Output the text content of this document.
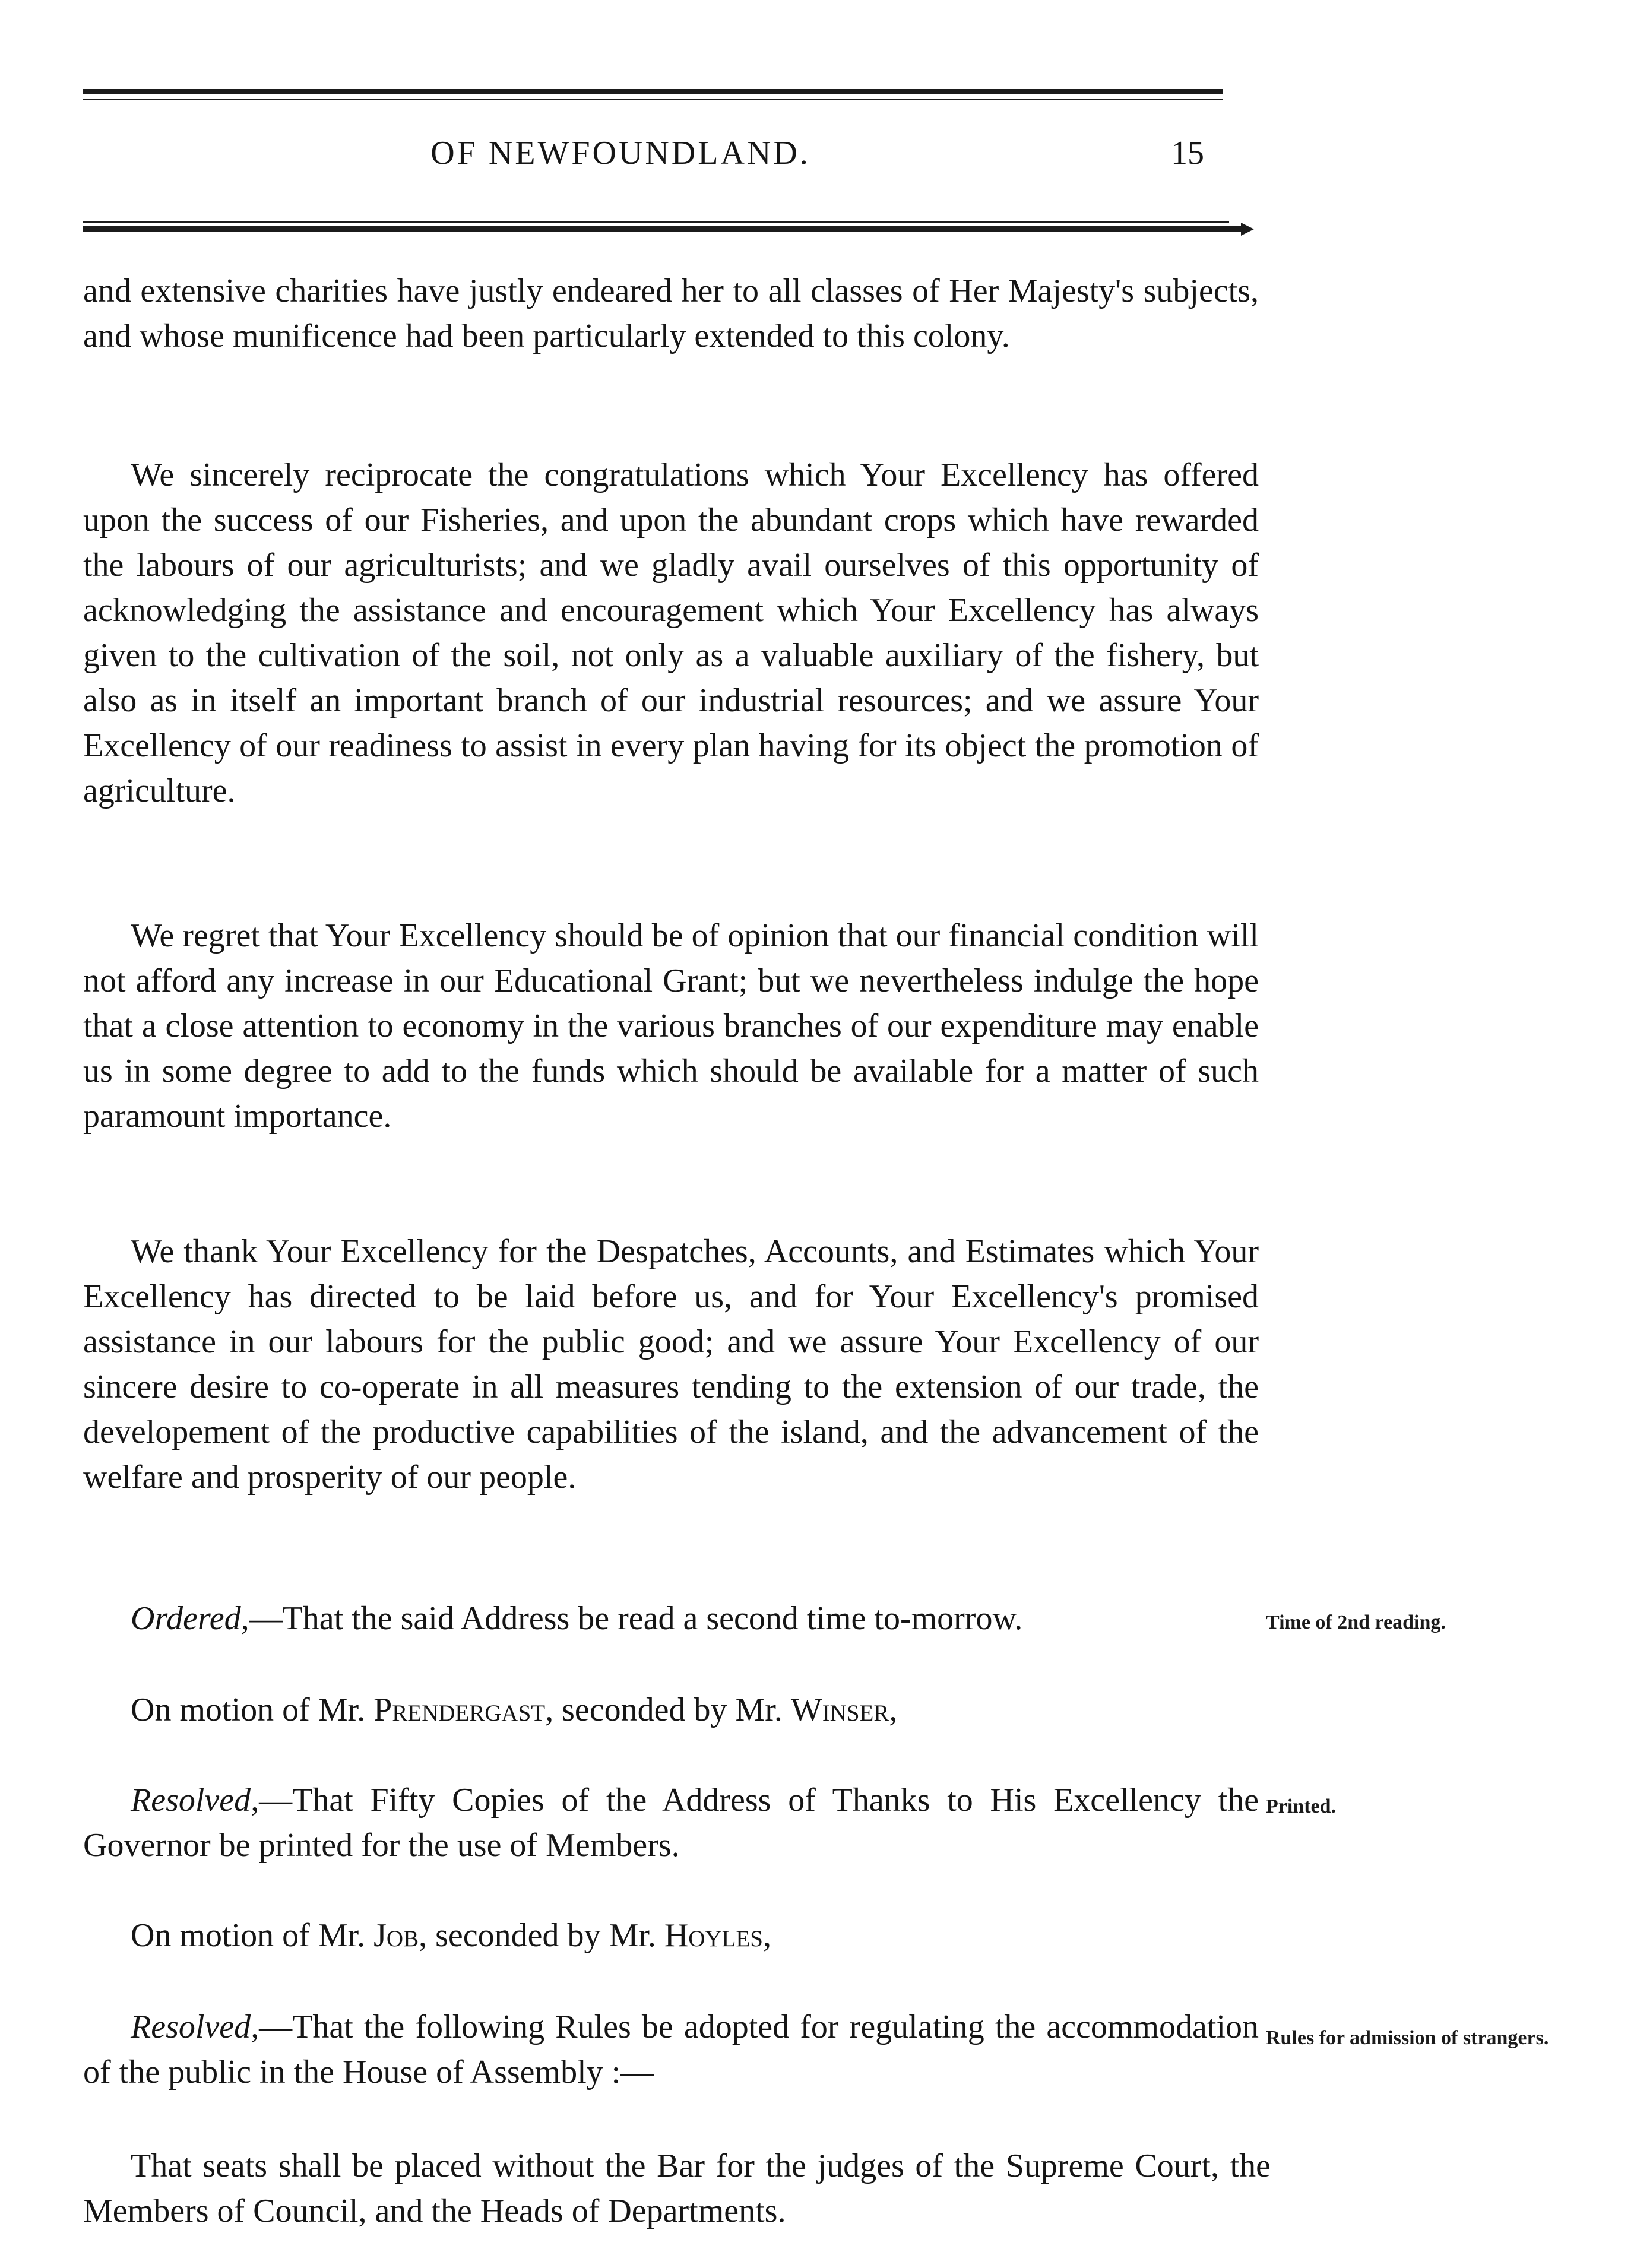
OF NEWFOUNDLAND.	15

and extensive charities have justly endeared her to all classes of Her Majesty's subjects, and whose munificence had been particularly extended to this colony.

We sincerely reciprocate the congratulations which Your Excellency has offered upon the success of our Fisheries, and upon the abundant crops which have rewarded the labours of our agriculturists; and we gladly avail ourselves of this opportunity of acknowledging the assistance and encouragement which Your Excellency has always given to the cultivation of the soil, not only as a valuable auxiliary of the fishery, but also as in itself an important branch of our industrial resources; and we assure Your Excellency of our readiness to assist in every plan having for its object the promotion of agriculture.

We regret that Your Excellency should be of opinion that our financial condition will not afford any increase in our Educational Grant; but we nevertheless indulge the hope that a close attention to economy in the various branches of our expenditure may enable us in some degree to add to the funds which should be available for a matter of such paramount importance.

We thank Your Excellency for the Despatches, Accounts, and Estimates which Your Excellency has directed to be laid before us, and for Your Excellency's promised assistance in our labours for the public good; and we assure Your Excellency of our sincere desire to co-operate in all measures tending to the extension of our trade, the developement of the productive capabilities of the island, and the advancement of the welfare and prosperity of our people.

Ordered,—That the said Address be read a second time to-morrow.

On motion of Mr. Prendergast, seconded by Mr. Winser,

Resolved,—That Fifty Copies of the Address of Thanks to His Excellency the Governor be printed for the use of Members.

On motion of Mr. Job, seconded by Mr. Hoyles,

Resolved,—That the following Rules be adopted for regulating the accommodation of the public in the House of Assembly :—

That seats shall be placed without the Bar for the judges of the Supreme Court, the Members of Council, and the Heads of Departments.

Time of 2nd reading.

Printed.

Rules for admission of strangers.
